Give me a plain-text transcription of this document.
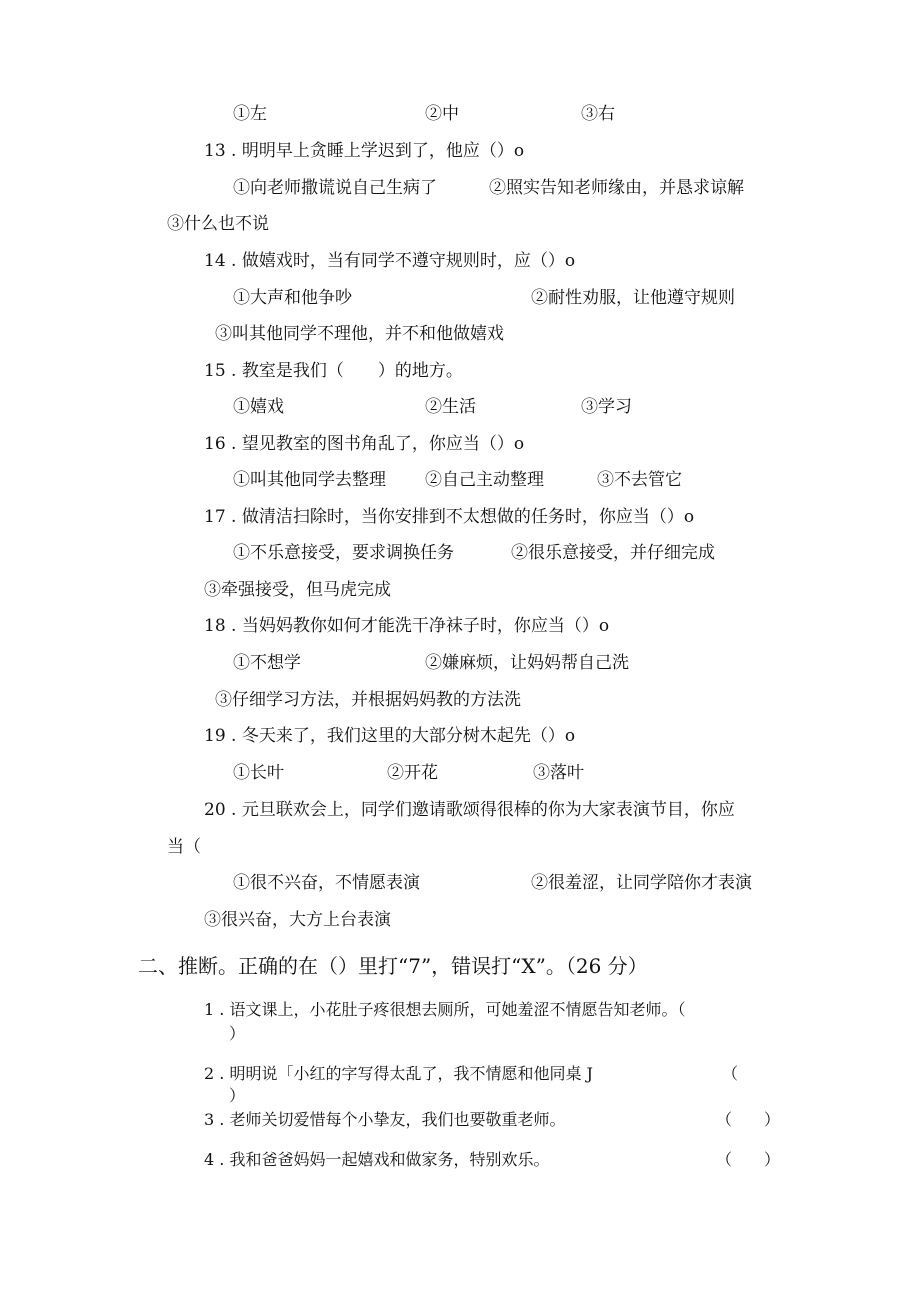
①左	②中	③右
13 . 明明早上贪睡上学迟到了，他应（）o
①向老师撒谎说自己生病了	②照实告知老师缘由，并恳求谅解
③什么也不说
14 . 做嬉戏时，当有同学不遵守规则时，应（）o
①大声和他争吵	②耐性劝服，让他遵守规则
③叫其他同学不理他，并不和他做嬉戏
15 . 教室是我们（　　）的地方。
①嬉戏	②生活	③学习
16 . 望见教室的图书角乱了，你应当（）o
①叫其他同学去整理 ②自己主动整理	③不去管它
17 . 做清洁扫除时，当你安排到不太想做的任务时，你应当（）o
①不乐意接受，要求调换任务	②很乐意接受，并仔细完成
③牵强接受，但马虎完成
18 . 当妈妈教你如何才能洗干净袜子时，你应当（）o
①不想学	②嫌麻烦，让妈妈帮自己洗
③仔细学习方法，并根据妈妈教的方法洗
19 . 冬天来了，我们这里的大部分树木起先（）o
①长叶	②开花	③落叶
20 . 元旦联欢会上，同学们邀请歌颂得很棒的你为大家表演节目，你应
当（
①很不兴奋，不情愿表演	②很羞涩，让同学陪你才表演
③很兴奋，大方上台表演
二、推断。正确的在（）里打“7”，错误打“X”。（26 分）
1 . 语文课上，小花肚子疼很想去厕所，可她羞涩不情愿告知老师。（
）
2 . 明明说「小红的字写得太乱了，我不情愿和他同桌 J	（
）
3 . 老师关切爱惜每个小挚友，我们也要敬重老师。	（　　）
4 . 我和爸爸妈妈一起嬉戏和做家务，特别欢乐。	（　　）
